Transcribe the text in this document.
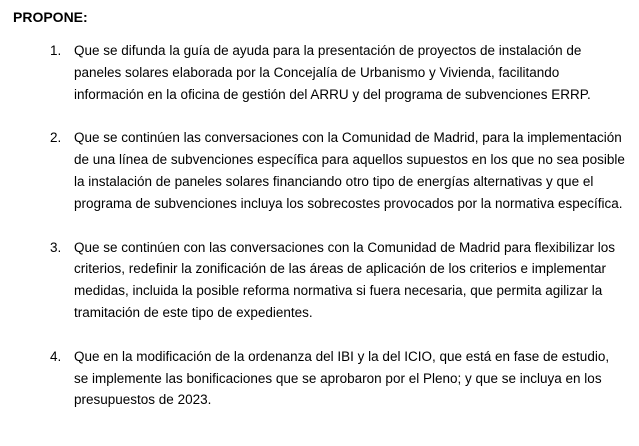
PROPONE:
1. Que se difunda la guía de ayuda para la presentación de proyectos de instalación de paneles solares elaborada por la Concejalía de Urbanismo y Vivienda, facilitando información en la oficina de gestión del ARRU y del programa de subvenciones ERRP.
2. Que se continúen las conversaciones con la Comunidad de Madrid, para la implementación de una línea de subvenciones específica para aquellos supuestos en los que no sea posible la instalación de paneles solares financiando otro tipo de energías alternativas y que el programa de subvenciones incluya los sobrecostes provocados por la normativa específica.
3. Que se continúen con las conversaciones con la Comunidad de Madrid para flexibilizar los criterios, redefinir la zonificación de las áreas de aplicación de los criterios e implementar medidas, incluida la posible reforma normativa si fuera necesaria, que permita agilizar la tramitación de este tipo de expedientes.
4. Que en la modificación de la ordenanza del IBI y la del ICIO, que está en fase de estudio, se implemente las bonificaciones que se aprobaron por el Pleno; y que se incluya en los presupuestos de 2023.
